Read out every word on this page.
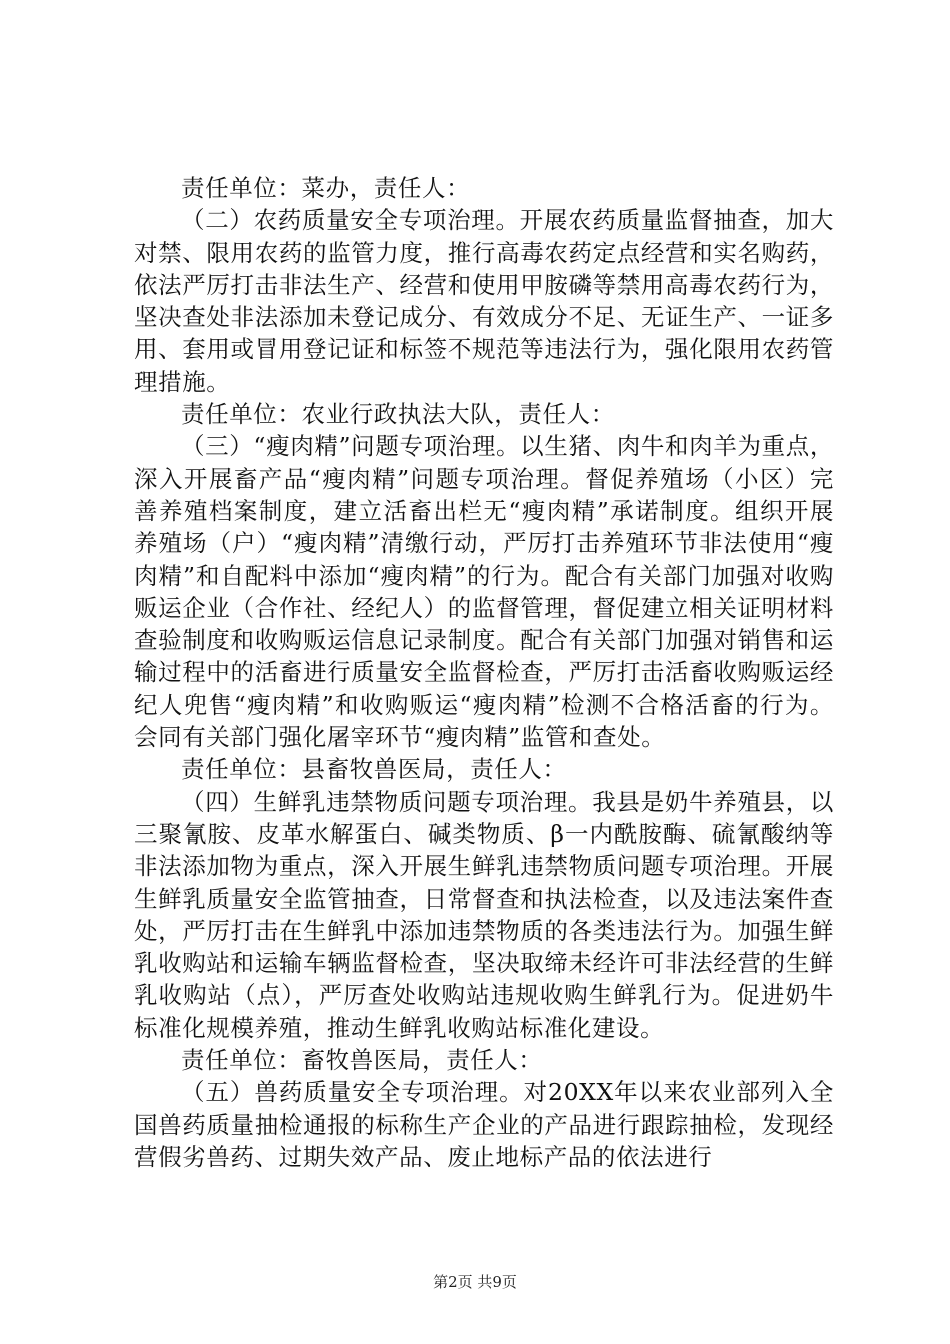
责任单位：菜办，责任人：

（二）农药质量安全专项治理。开展农药质量监督抽查，加大对禁、限用农药的监管力度，推行高毒农药定点经营和实名购药，依法严厉打击非法生产、经营和使用甲胺磷等禁用高毒农药行为，坚决查处非法添加未登记成分、有效成分不足、无证生产、一证多用、套用或冒用登记证和标签不规范等违法行为，强化限用农药管理措施。

责任单位：农业行政执法大队，责任人：

（三）“瘦肉精”问题专项治理。以生猪、肉牛和肉羊为重点，深入开展畜产品“瘦肉精”问题专项治理。督促养殖场（小区）完善养殖档案制度，建立活畜出栏无“瘦肉精”承诺制度。组织开展养殖场（户）“瘦肉精”清缴行动，严厉打击养殖环节非法使用“瘦肉精”和自配料中添加“瘦肉精”的行为。配合有关部门加强对收购贩运企业（合作社、经纪人）的监督管理，督促建立相关证明材料查验制度和收购贩运信息记录制度。配合有关部门加强对销售和运输过程中的活畜进行质量安全监督检查，严厉打击活畜收购贩运经纪人兜售“瘦肉精”和收购贩运“瘦肉精”检测不合格活畜的行为。会同有关部门强化屠宰环节“瘦肉精”监管和查处。

责任单位：县畜牧兽医局，责任人：

（四）生鲜乳违禁物质问题专项治理。我县是奶牛养殖县，以三聚氰胺、皮革水解蛋白、碱类物质、β一内酰胺酶、硫氰酸纳等非法添加物为重点，深入开展生鲜乳违禁物质问题专项治理。开展生鲜乳质量安全监管抽查，日常督查和执法检查，以及违法案件查处，严厉打击在生鲜乳中添加违禁物质的各类违法行为。加强生鲜乳收购站和运输车辆监督检查，坚决取缔未经许可非法经营的生鲜乳收购站（点），严厉查处收购站违规收购生鲜乳行为。促进奶牛标准化规模养殖，推动生鲜乳收购站标准化建设。

责任单位：畜牧兽医局，责任人：

（五）兽药质量安全专项治理。对20XX年以来农业部列入全国兽药质量抽检通报的标称生产企业的产品进行跟踪抽检，发现经营假劣兽药、过期失效产品、废止地标产品的依法进行

第2页 共9页
